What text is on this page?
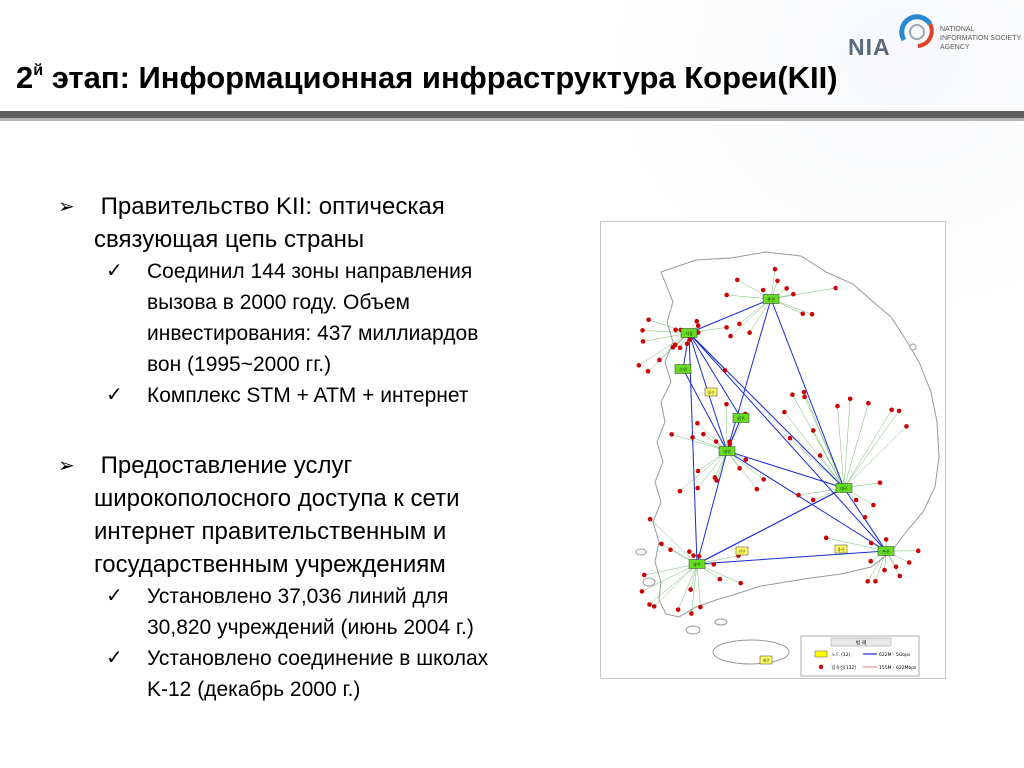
NIA
NATIONAL
INFORMATION SOCIETY
AGENCY
$2^й$ этап: Информационная инфраструктура Кореи(KII)
➢ Правительство KII: оптическая
связующая цепь страны
✓ Соединил 144 зоны направления
вызова в 2000 году. Объем
инвестирования: 437 миллиардов
вон (1995~2000 гг.)
✓ Комплекс STM + ATM + интернет
➢ Предоставление услуг
широкополосного доступа к сети
интернет правительственным и
государственным учреждениям
✓ Установлено 37,036 линий для
30,820 учреждений (июнь 2004 г.)
✓ Установлено соединение в школах
K-12 (декабрь 2000 г.)
서울
춘천
수원
원주
대전
대구
광주
부산
전주	울산
제주
청주
범 례
노드 (12)	622M - 5Gbps
접속점(132)	155M - 622Mbps
